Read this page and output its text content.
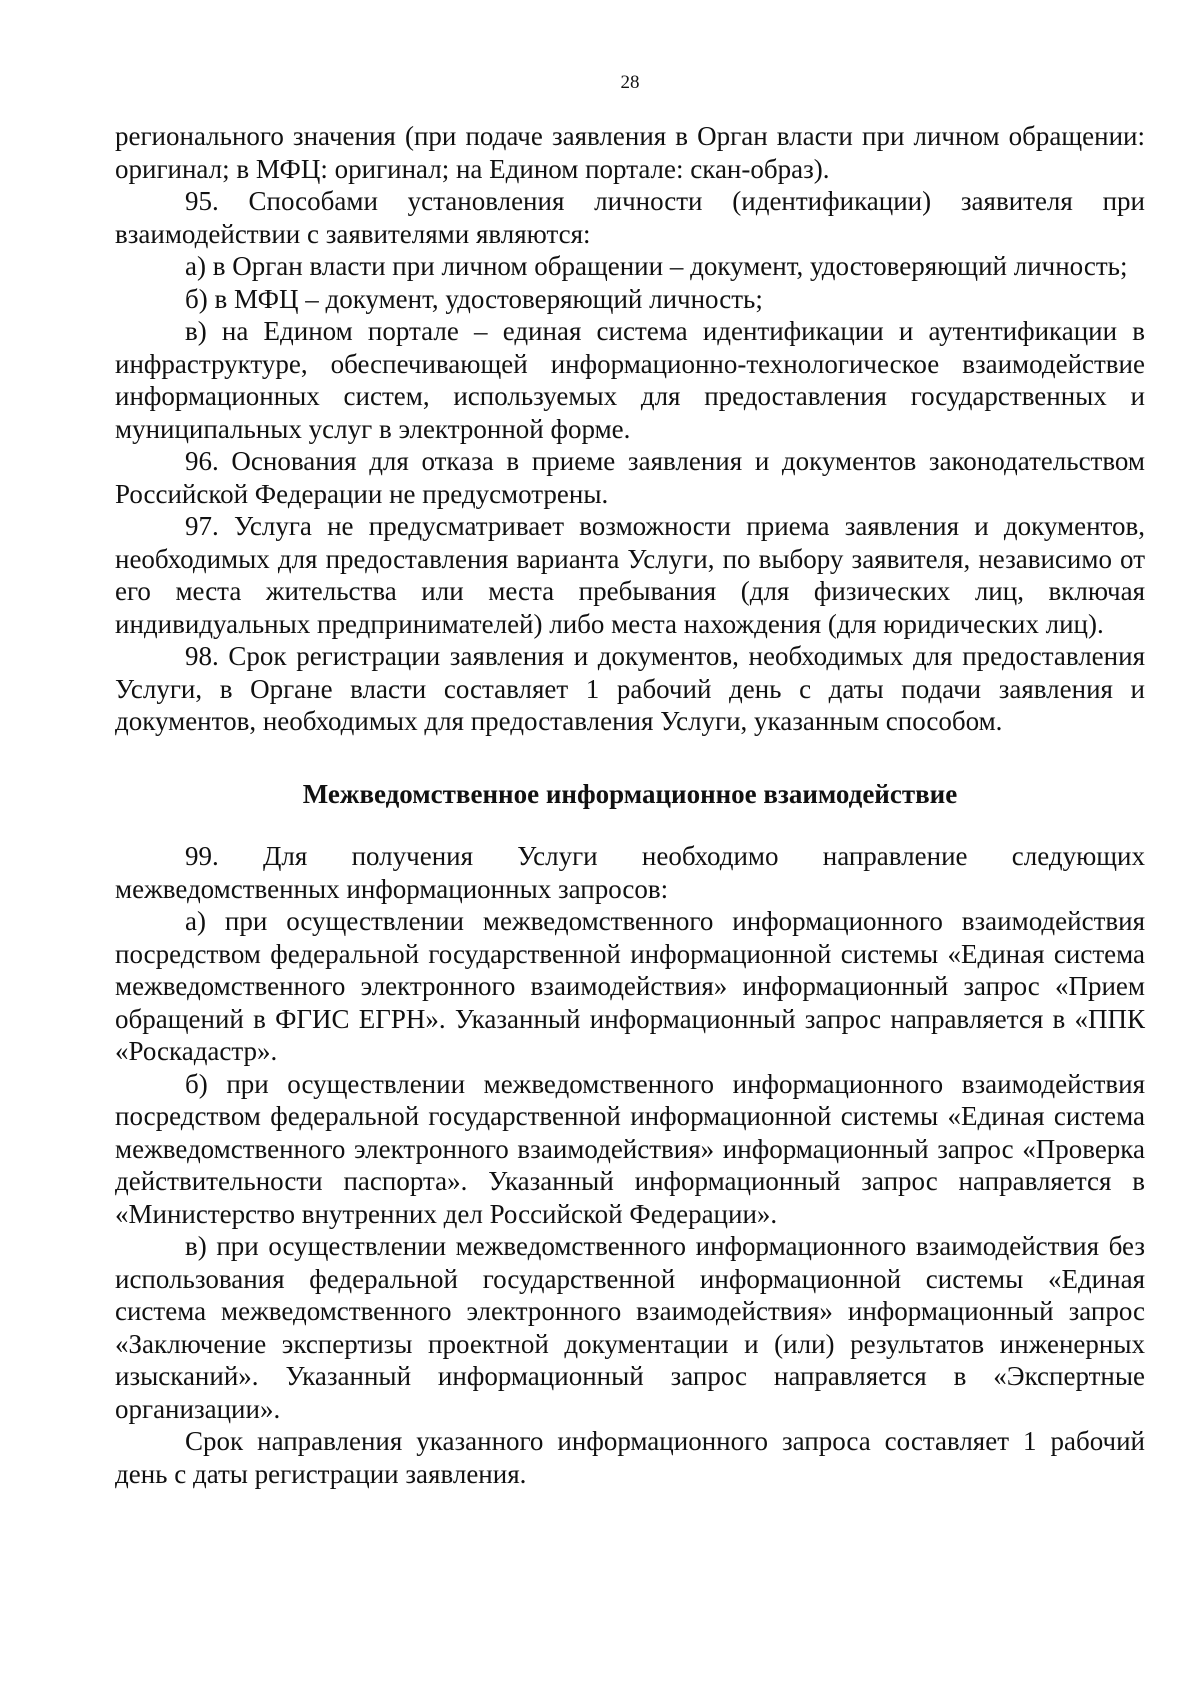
28

регионального значения (при подаче заявления в Орган власти при личном обращении: оригинал; в МФЦ: оригинал; на Едином портале: скан-образ).

95. Способами установления личности (идентификации) заявителя при взаимодействии с заявителями являются:

а) в Орган власти при личном обращении – документ, удостоверяющий личность;

б) в МФЦ – документ, удостоверяющий личность;

в) на Едином портале – единая система идентификации и аутентификации в инфраструктуре, обеспечивающей информационно-технологическое взаимодействие информационных систем, используемых для предоставления государственных и муниципальных услуг в электронной форме.

96. Основания для отказа в приеме заявления и документов законодательством Российской Федерации не предусмотрены.

97. Услуга не предусматривает возможности приема заявления и документов, необходимых для предоставления варианта Услуги, по выбору заявителя, независимо от его места жительства или места пребывания (для физических лиц, включая индивидуальных предпринимателей) либо места нахождения (для юридических лиц).

98. Срок регистрации заявления и документов, необходимых для предоставления Услуги, в Органе власти составляет 1 рабочий день с даты подачи заявления и документов, необходимых для предоставления Услуги, указанным способом.

Межведомственное информационное взаимодействие

99. Для получения Услуги необходимо направление следующих межведомственных информационных запросов:

а) при осуществлении межведомственного информационного взаимодействия посредством федеральной государственной информационной системы «Единая система межведомственного электронного взаимодействия» информационный запрос «Прием обращений в ФГИС ЕГРН». Указанный информационный запрос направляется в «ППК «Роскадастр».

б) при осуществлении межведомственного информационного взаимодействия посредством федеральной государственной информационной системы «Единая система межведомственного электронного взаимодействия» информационный запрос «Проверка действительности паспорта». Указанный информационный запрос направляется в «Министерство внутренних дел Российской Федерации».

в) при осуществлении межведомственного информационного взаимодействия без использования федеральной государственной информационной системы «Единая система межведомственного электронного взаимодействия» информационный запрос «Заключение экспертизы проектной документации и (или) результатов инженерных изысканий». Указанный информационный запрос направляется в «Экспертные организации».

Срок направления указанного информационного запроса составляет 1 рабочий день с даты регистрации заявления.
